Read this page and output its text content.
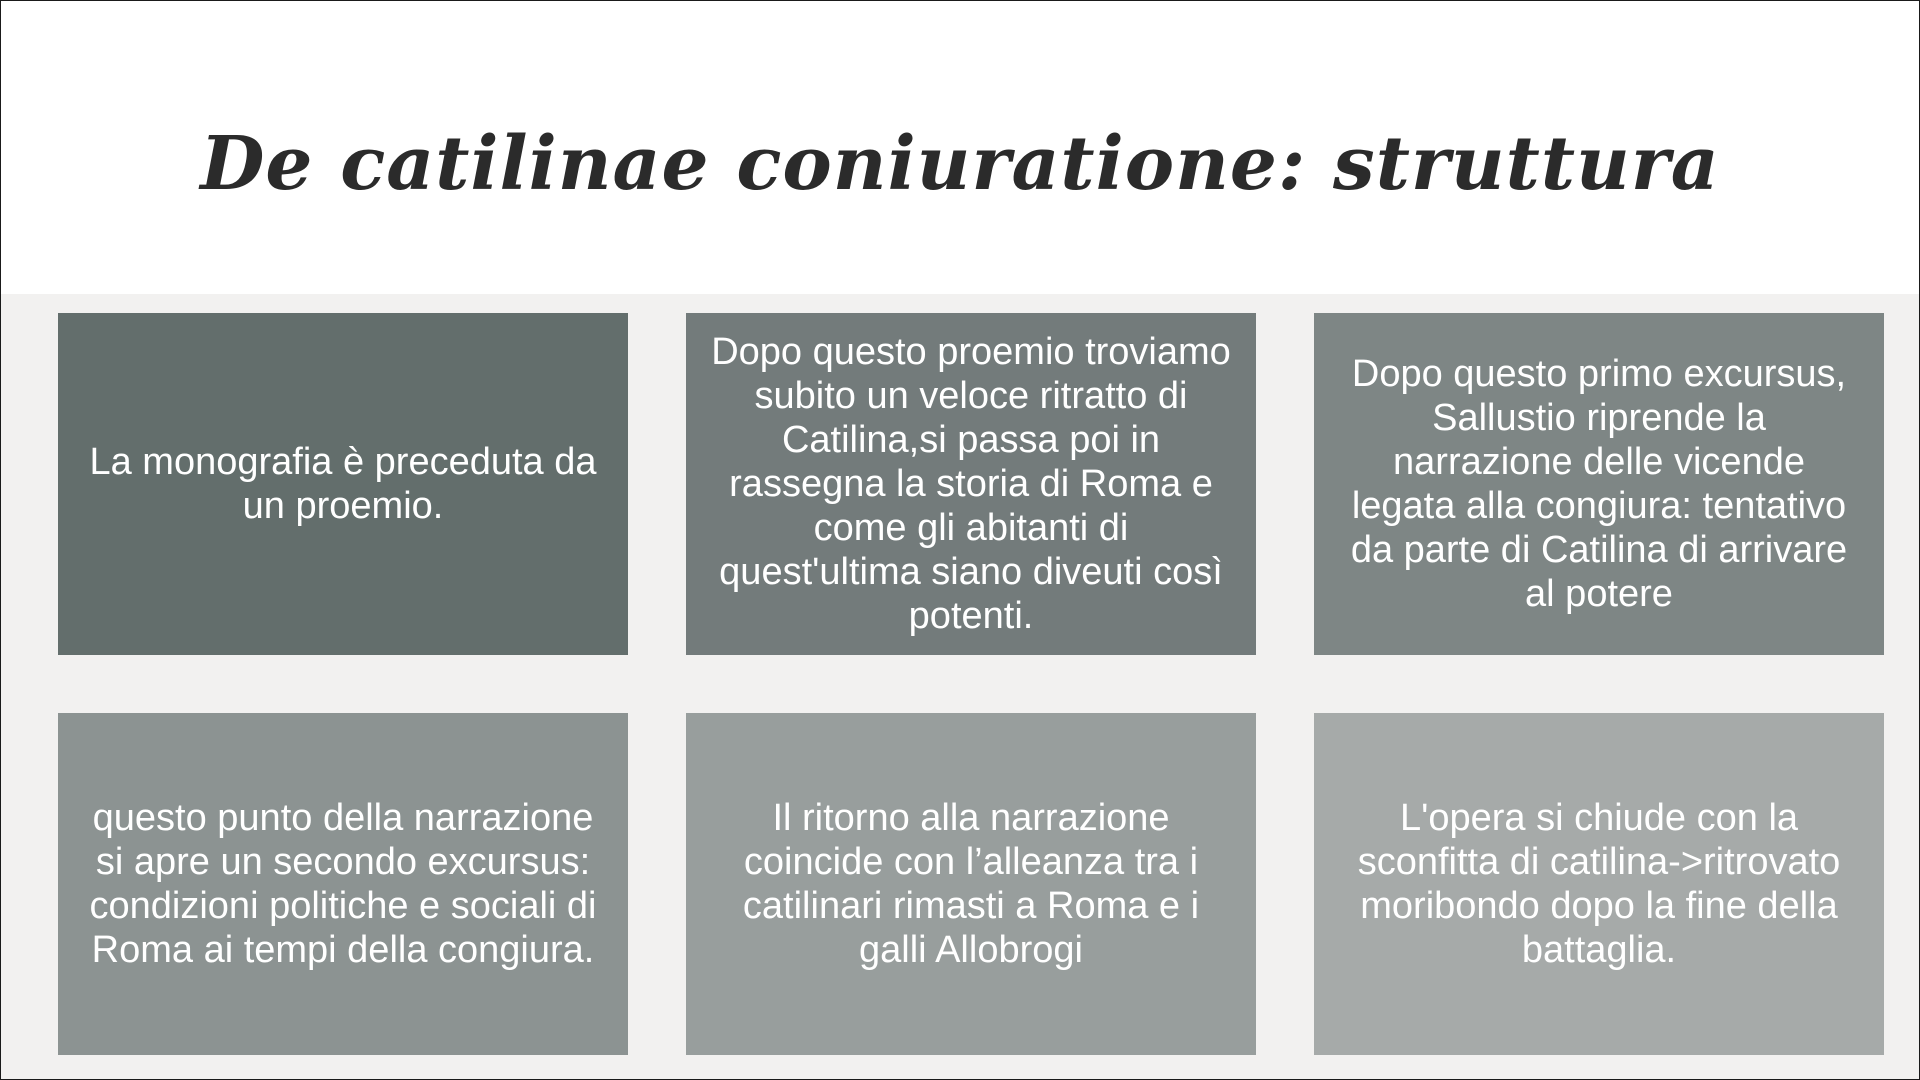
De catilinae coniuratione: struttura
La monografia è preceduta da un proemio.
Dopo questo proemio troviamo subito un veloce ritratto di Catilina,si passa poi in rassegna la storia di Roma e come gli abitanti di quest'ultima siano diveuti così potenti.
Dopo questo primo excursus, Sallustio riprende la narrazione delle vicende legata alla congiura: tentativo da parte di Catilina di arrivare al potere
questo punto della narrazione si apre un secondo excursus: condizioni politiche e sociali di Roma ai tempi della congiura.
Il ritorno alla narrazione coincide con l’alleanza tra i catilinari rimasti a Roma e i galli Allobrogi
L'opera si chiude con la sconfitta di catilina->ritrovato moribondo dopo la fine della battaglia.
